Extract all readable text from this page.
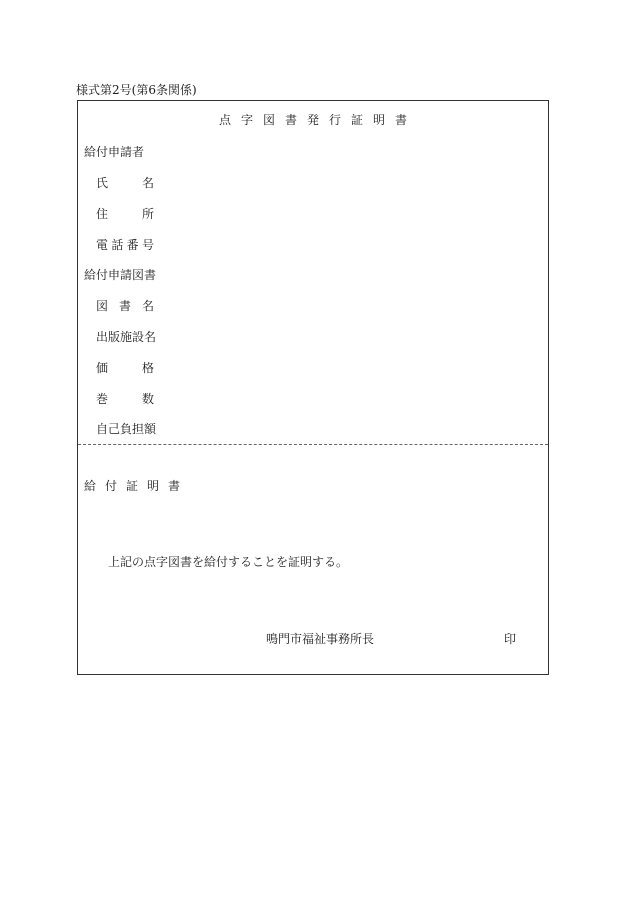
様式第2号(第6条関係)
点字図書発行証明書
給付申請者
氏	名
住	所
電 話 番 号
給付申請図書
図 書 名
出版施設名
価	格
巻	数
自己負担額
給付証明書
上記の点字図書を給付することを証明する。
鳴門市福祉事務所長	印
